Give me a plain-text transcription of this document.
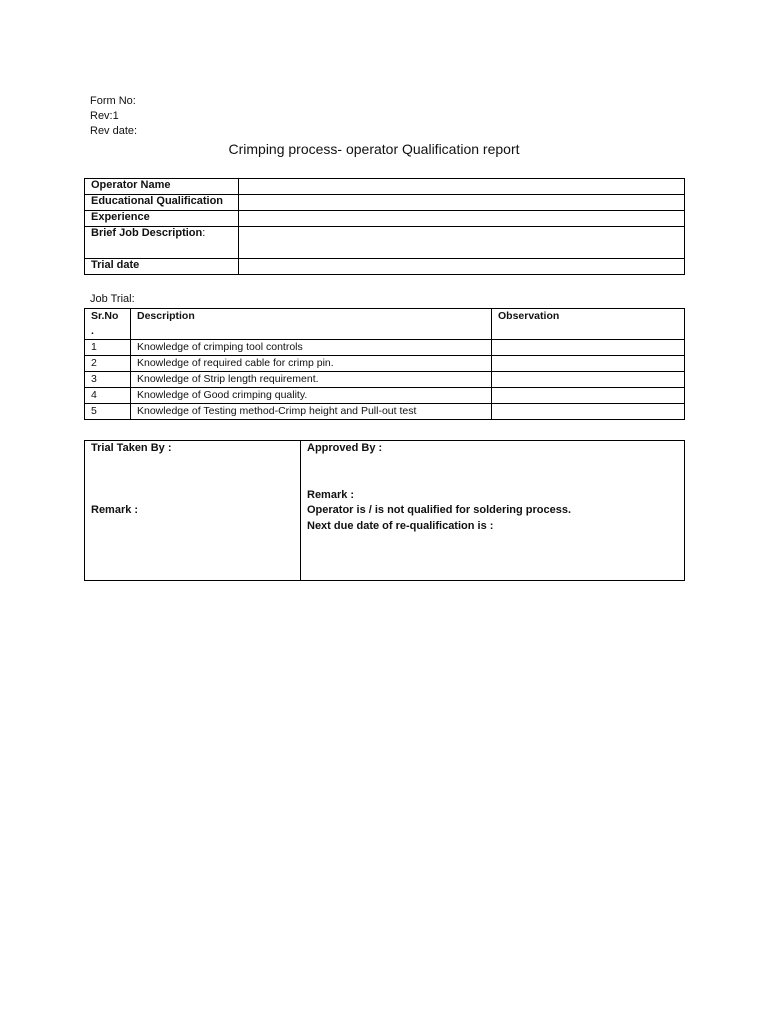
Form No:
Rev:1
Rev date:
Crimping process- operator Qualification report
Operator Name	
Educational Qualification	
Experience	
Brief Job Description:	
Trial date	
Job Trial:
Sr.No
.	Description	Observation
1	Knowledge of crimping tool controls	
2	Knowledge of required cable for crimp pin.	
3	Knowledge of Strip length requirement.	
4	Knowledge of Good crimping quality.	
5	Knowledge of Testing method-Crimp height and Pull-out test	
Trial Taken By :
Remark :

Approved By :
Remark :
Operator is / is not qualified for soldering process.
Next due date of re-qualification is :
